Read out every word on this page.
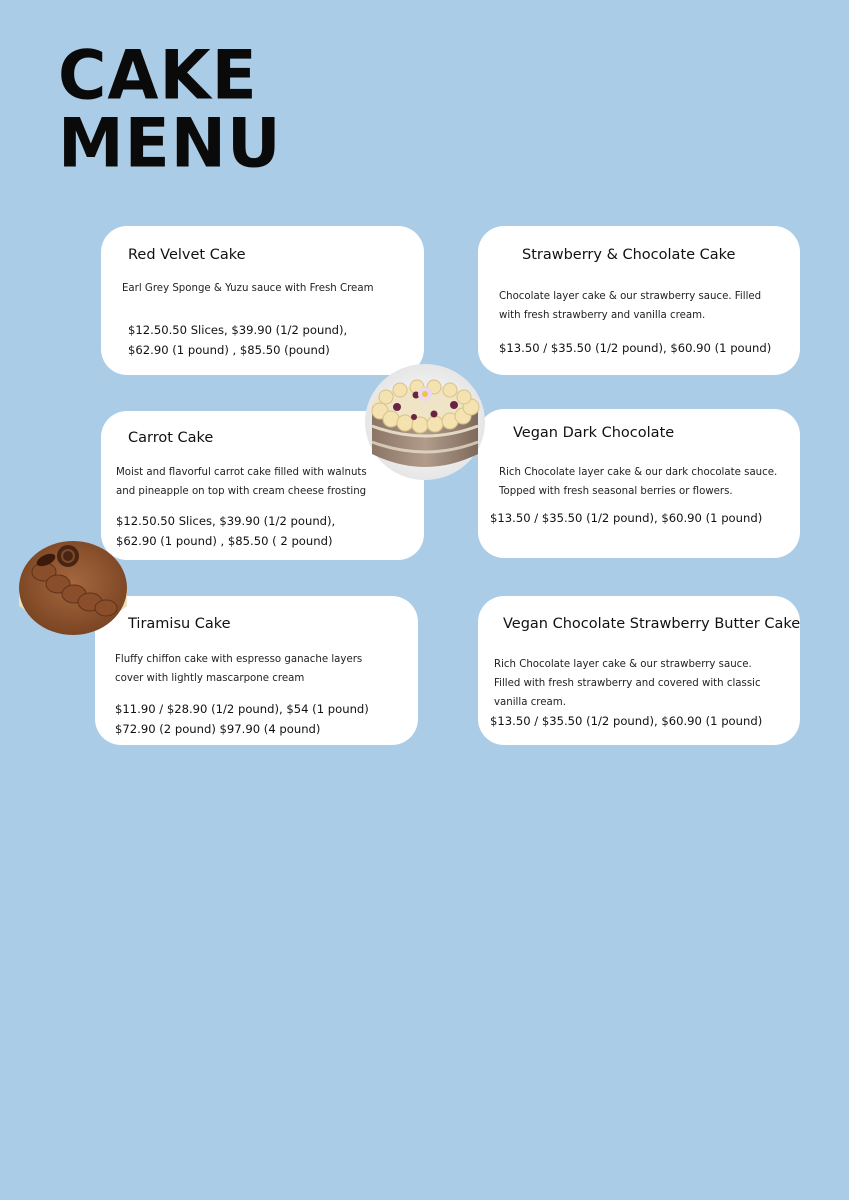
CAKE
MENU
Red Velvet Cake
Earl Grey Sponge & Yuzu sauce with Fresh Cream
$12.50.50 Slices, $39.90 (1/2 pound),
$62.90 (1 pound) , $85.50 (pound)
Strawberry & Chocolate Cake
Chocolate layer cake & our strawberry sauce. Filled with fresh strawberry and vanilla cream.
$13.50 / $35.50 (1/2 pound), $60.90 (1 pound)
Carrot Cake
Moist and flavorful carrot cake filled with walnuts and pineapple on top with cream cheese frosting
$12.50.50 Slices, $39.90 (1/2 pound),
$62.90 (1 pound) , $85.50 ( 2 pound)
Vegan Dark Chocolate
Rich Chocolate layer cake & our dark chocolate sauce. Topped with fresh seasonal berries or flowers.
$13.50 / $35.50 (1/2 pound), $60.90 (1 pound)
Tiramisu Cake
Fluffy chiffon cake with espresso ganache layers cover with lightly mascarpone cream
$11.90 / $28.90 (1/2 pound), $54 (1 pound)
$72.90 (2 pound) $97.90 (4 pound)
Vegan Chocolate Strawberry Butter Cake
Rich Chocolate layer cake & our strawberry sauce. Filled with fresh strawberry and covered with classic vanilla cream.
$13.50 / $35.50 (1/2 pound), $60.90 (1 pound)
